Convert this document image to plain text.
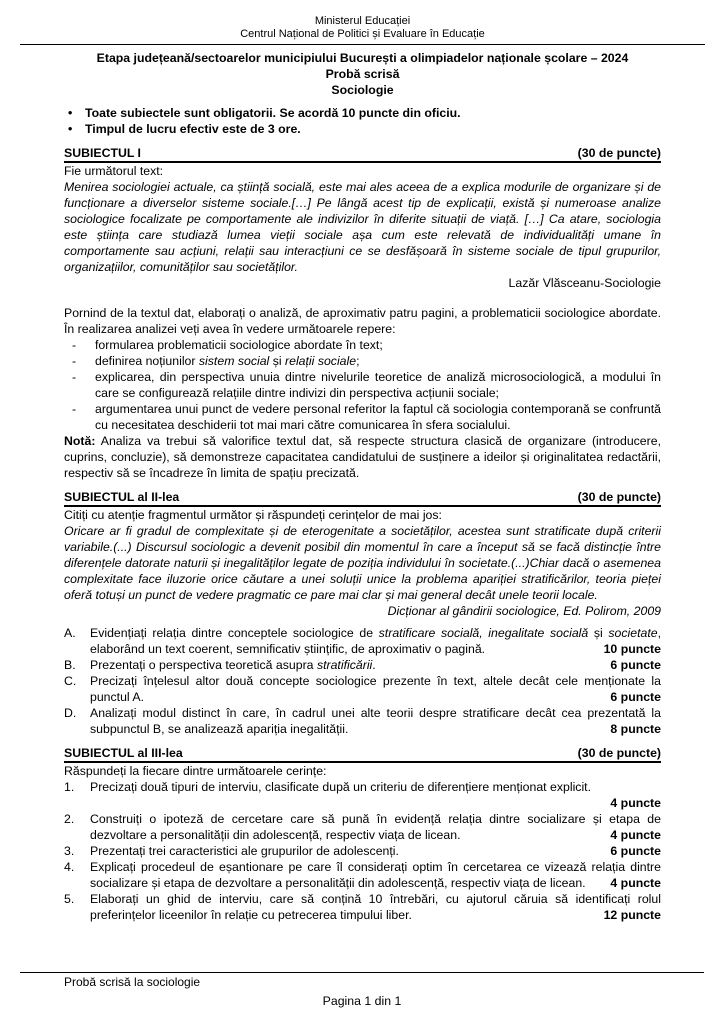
Ministerul Educației
Centrul Național de Politici și Evaluare în Educație
Etapa județeană/sectoarelor municipiului București a olimpiadelor naționale școlare – 2024
Probă scrisă
Sociologie
•	Toate subiectele sunt obligatorii. Se acordă 10 puncte din oficiu.
•	Timpul de lucru efectiv este de 3 ore.
SUBIECTUL I	(30 de puncte)

Fie următorul text:

Menirea sociologiei actuale, ca știință socială, este mai ales aceea de a explica modurile de organizare și de funcționare a diverselor sisteme sociale.[…] Pe lângă acest tip de explicații, există și numeroase analize sociologice focalizate pe comportamente ale indivizilor în diferite situații de viață. […] Ca atare, sociologia este știința care studiază lumea vieții sociale așa cum este relevată de individualități umane în comportamente sau acțiuni, relații sau interacțiuni ce se desfășoară în sisteme sociale de tipul grupurilor, organizațiilor, comunităților sau societăților.

Lazăr Vlăsceanu-Sociologie

Pornind de la textul dat, elaborați o analiză, de aproximativ patru pagini, a problematicii sociologice abordate. În realizarea analizei veți avea în vedere următoarele repere:

-	formularea problematicii sociologice abordate în text;
-	definirea noțiunilor sistem social și relații sociale;
-	explicarea, din perspectiva unuia dintre nivelurile teoretice de analiză microsociologică, a modului în care se configurează relațiile dintre indivizi din perspectiva acțiunii sociale;
-	argumentarea unui punct de vedere personal referitor la faptul că sociologia contemporană se confruntă cu necesitatea deschiderii tot mai mari către comunicarea în sfera socialului.

Notă: Analiza va trebui să valorifice textul dat, să respecte structura clasică de organizare (introducere, cuprins, concluzie), să demonstreze capacitatea candidatului de susținere a ideilor și originalitatea redactării, respectiv să se încadreze în limita de spațiu precizată.

SUBIECTUL al II-lea	(30 de puncte)

Citiți cu atenție fragmentul următor și răspundeți cerințelor de mai jos:

Oricare ar fi gradul de complexitate și de eterogenitate a societăților, acestea sunt stratificate după criterii variabile.(...) Discursul sociologic a devenit posibil din momentul în care a început să se facă distincție între diferențele datorate naturii și inegalităților legate de poziția individului în societate.(...)Chiar dacă o asemenea complexitate face iluzorie orice căutare a unei soluții unice la problema apariției stratificărilor, teoria pieței oferă totuși un punct de vedere pragmatic ce pare mai clar și mai general decât unele teorii locale.

Dicționar al gândirii sociologice, Ed. Polirom, 2009

A.	Evidențiați relația dintre conceptele sociologice de stratificare socială, inegalitate socială și societate, elaborând un text coerent, semnificativ științific, de aproximativ o pagină.	10 puncte
B.	Prezentați o perspectiva teoretică asupra stratificării.	6 puncte
C.	Precizați înțelesul altor două concepte sociologice prezente în text, altele decât cele menționate la punctul A.	6 puncte
D.	Analizați modul distinct în care, în cadrul unei alte teorii despre stratificare decât cea prezentată la subpunctul B, se analizează apariția inegalității.	8 puncte
SUBIECTUL al III-lea	(30 de puncte)

Răspundeți la fiecare dintre următoarele cerințe:

1.	Precizați două tipuri de interviu, clasificate după un criteriu de diferențiere menționat explicit.
4 puncte
2.	Construiți o ipoteză de cercetare care să pună în evidență relația dintre socializare și etapa de dezvoltare a personalității din adolescență, respectiv viața de licean.	4 puncte
3.	Prezentați trei caracteristici ale grupurilor de adolescenți.	6 puncte
4.	Explicați procedeul de eșantionare pe care îl considerați optim în cercetarea ce vizează relația dintre socializare și etapa de dezvoltare a personalității din adolescență, respectiv viața de licean.	4 puncte
5.	Elaborați un ghid de interviu, care să conțină 10 întrebări, cu ajutorul căruia să identificați rolul preferințelor liceenilor în relație cu petrecerea timpului liber.	12 puncte
Probă scrisă la sociologie
Pagina 1 din 1
